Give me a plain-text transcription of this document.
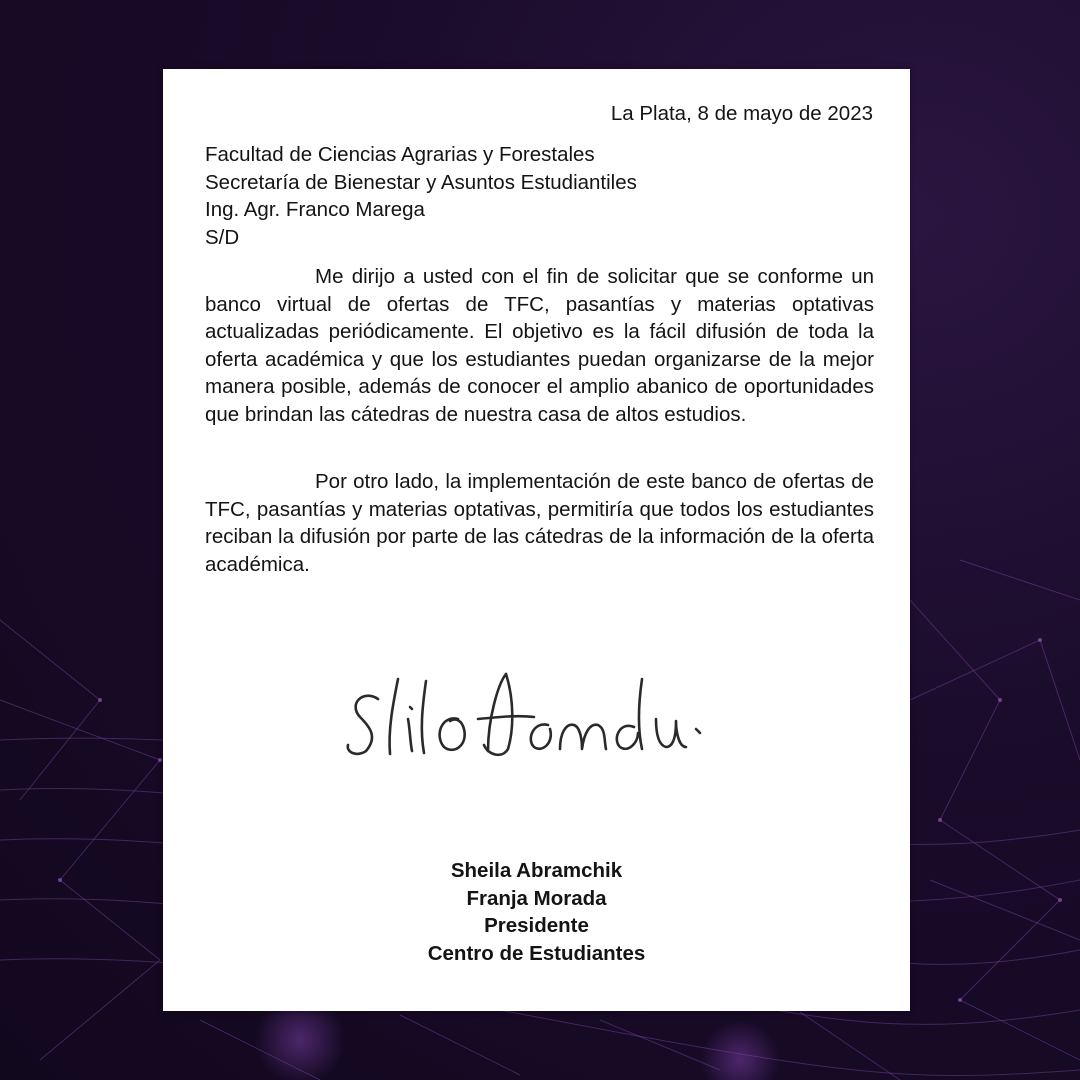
La Plata, 8 de mayo de 2023
Facultad de Ciencias Agrarias y Forestales
Secretaría de Bienestar y Asuntos Estudiantiles
Ing. Agr. Franco Marega
S/D
Me dirijo a usted con el fin de solicitar que se conforme un banco virtual de ofertas de TFC, pasantías y materias optativas actualizadas periódicamente. El objetivo es la fácil difusión de toda la oferta académica y que los estudiantes puedan organizarse de la mejor manera posible, además de conocer el amplio abanico de oportunidades que brindan las cátedras de nuestra casa de altos estudios.
Por otro lado, la implementación de este banco de ofertas de TFC, pasantías y materias optativas, permitiría que todos los estudiantes reciban la difusión por parte de las cátedras de la información de la oferta académica.
Sheila Abramchik
Franja Morada
Presidente
Centro de Estudiantes
